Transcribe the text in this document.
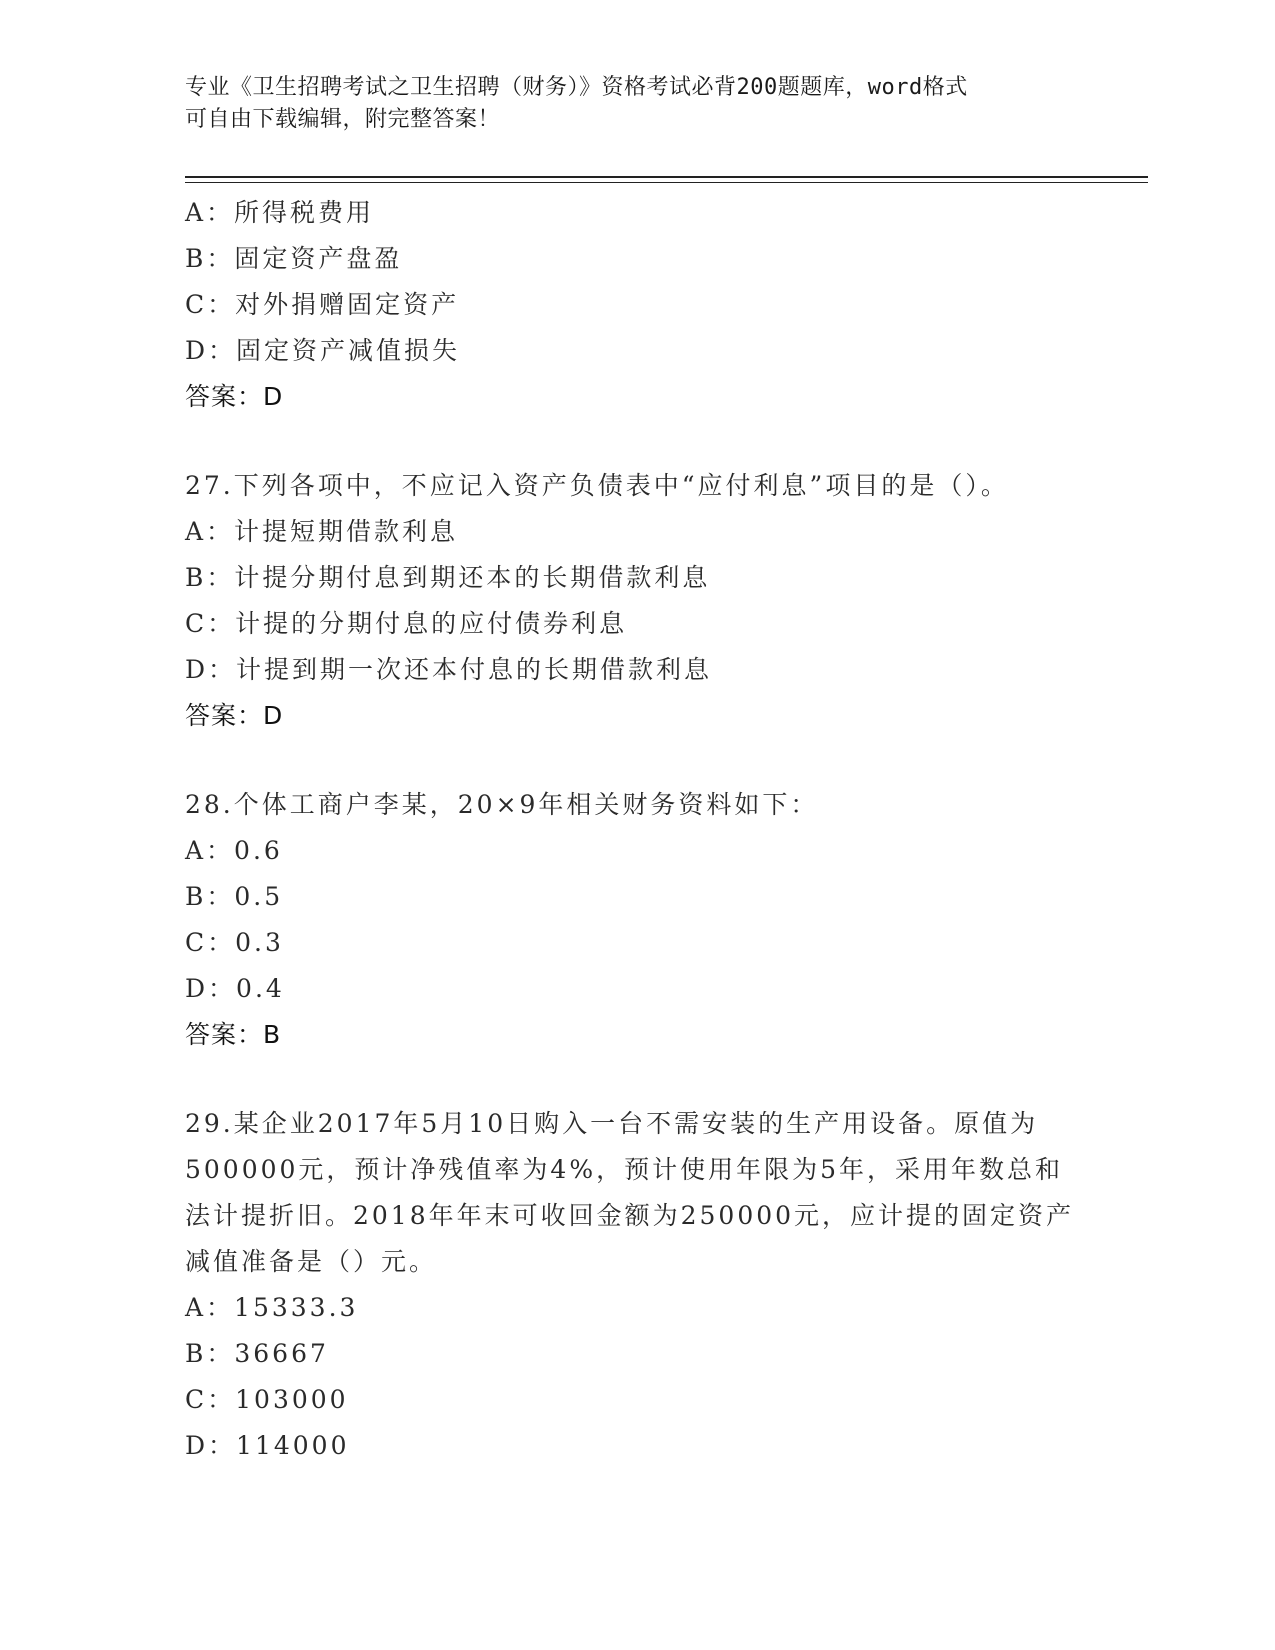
专业《卫生招聘考试之卫生招聘（财务）》资格考试必背200题题库，word格式
可自由下载编辑，附完整答案！
A：所得税费用
B：固定资产盘盈
C：对外捐赠固定资产
D：固定资产减值损失
答案：D
27.下列各项中，不应记入资产负债表中“应付利息”项目的是（）。
A：计提短期借款利息
B：计提分期付息到期还本的长期借款利息
C：计提的分期付息的应付债券利息
D：计提到期一次还本付息的长期借款利息
答案：D
28.个体工商户李某，20×9年相关财务资料如下：
A：0.6
B：0.5
C：0.3
D：0.4
答案：B
29.某企业2017年5月10日购入一台不需安装的生产用设备。原值为
500000元，预计净残值率为4%，预计使用年限为5年，采用年数总和
法计提折旧。2018年年末可收回金额为250000元，应计提的固定资产
减值准备是（）元。
A：15333.3
B：36667
C：103000
D：114000
